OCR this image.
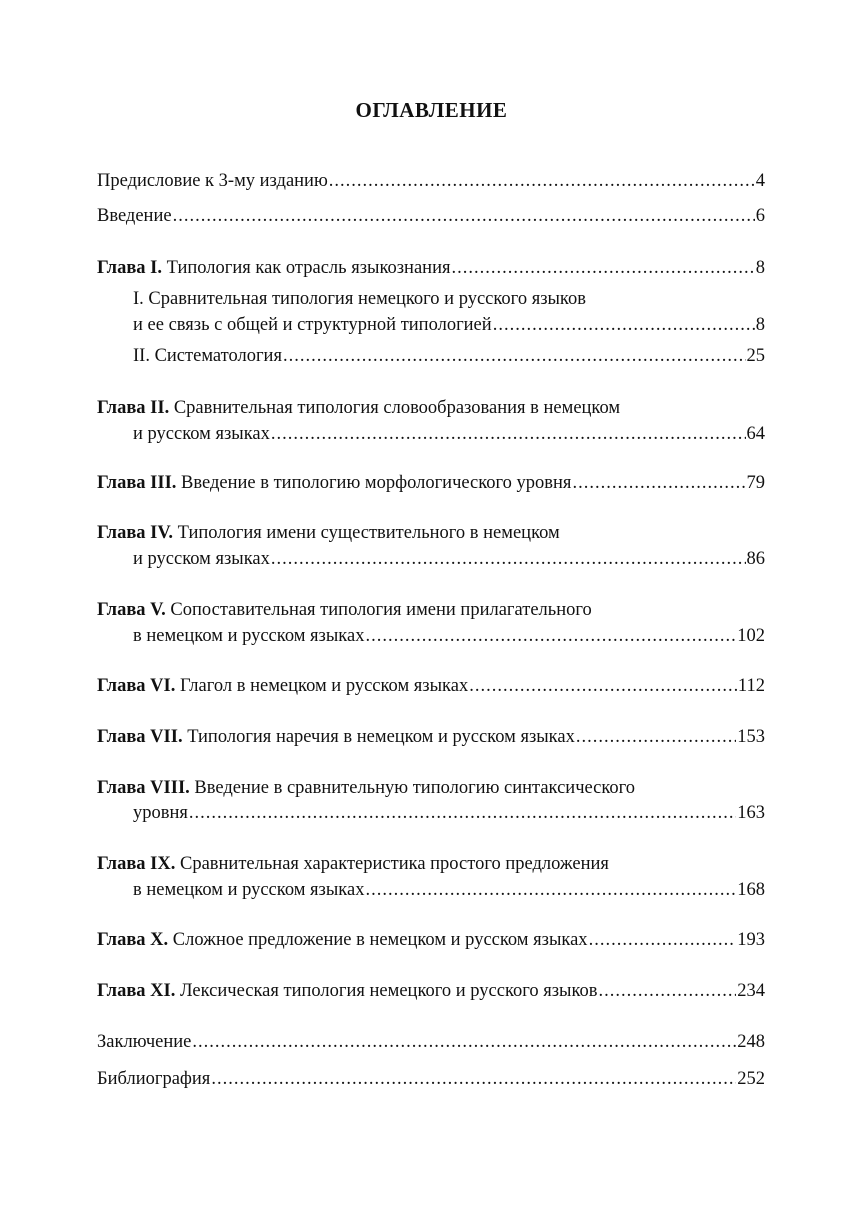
ОГЛАВЛЕНИЕ
Предисловие к 3-му изданию .....	4
Введение .....	6
Глава I. Типология как отрасль языкознания .....	8
I. Сравнительная типология немецкого и русского языков
и ее связь с общей и структурной типологией .....	8
II. Систематология .....	25
Глава II. Сравнительная типология словообразования в немецком
и русском языках .....	64
Глава III. Введение в типологию морфологического уровня .....	79
Глава IV. Типология имени существительного в немецком
и русском языках .....	86
Глава V. Сопоставительная типология имени прилагательного
в немецком и русском языках .....	102
Глава VI. Глагол в немецком и русском языках .....	112
Глава VII. Типология наречия в немецком и русском языках .....	153
Глава VIII. Введение в сравнительную типологию синтаксического
уровня .....	163
Глава IX. Сравнительная характеристика простого предложения
в немецком и русском языках .....	168
Глава X. Сложное предложение в немецком и русском языках .....	193
Глава XI. Лексическая типология немецкого и русского языков .....	234
Заключение .....	248
Библиография .....	252
